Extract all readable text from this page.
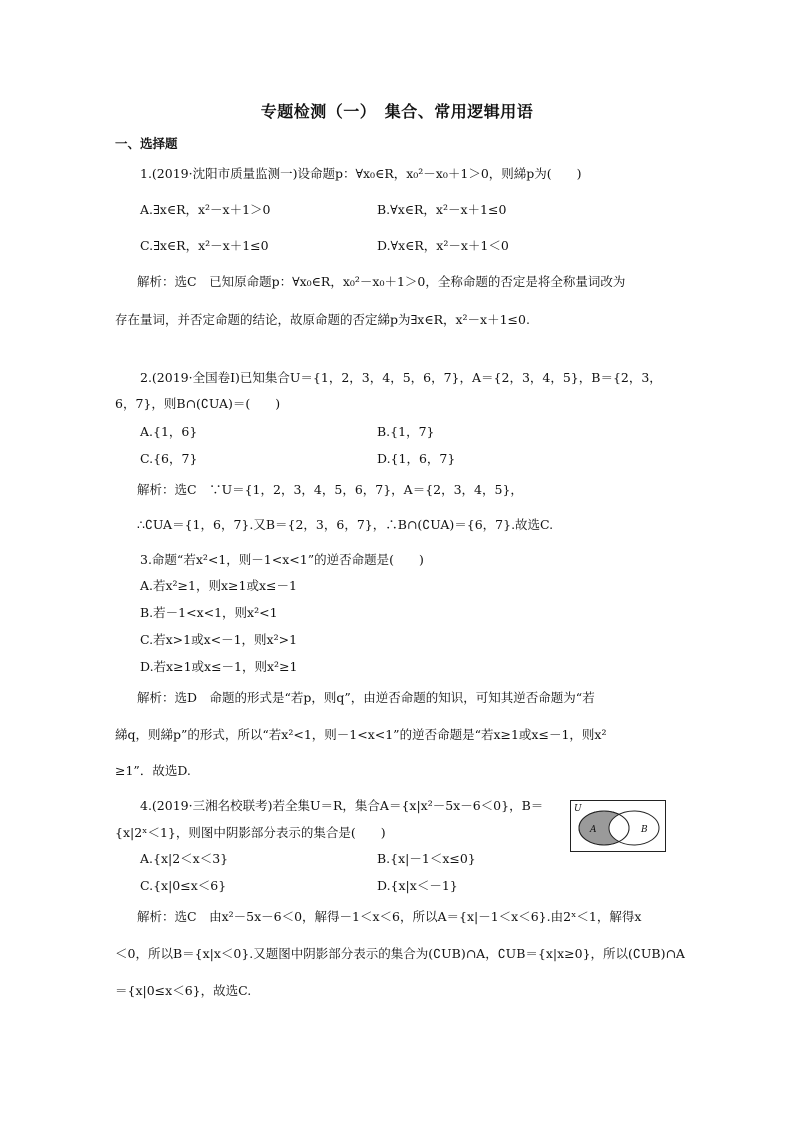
专题检测（一）　集合、常用逻辑用语
一、选择题
1.(2019·沈阳市质量监测一)设命题p：∀x₀∈R，x₀²－x₀＋1＞0，则綈p为(　　)
A.∃x∈R，x²－x＋1＞0	B.∀x∈R，x²－x＋1≤0
C.∃x∈R，x²－x＋1≤0	D.∀x∈R，x²－x＋1＜0
解析：选C　已知原命题p：∀x₀∈R，x₀²－x₀＋1＞0，全称命题的否定是将全称量词改为
存在量词，并否定命题的结论，故原命题的否定綈p为∃x∈R，x²－x＋1≤0.
2.(2019·全国卷Ⅰ)已知集合U＝{1，2，3，4，5，6，7}，A＝{2，3，4，5}，B＝{2，3，
6，7}，则B∩(∁UA)＝(　　)
A.{1，6}	B.{1，7}
C.{6，7}	D.{1，6，7}
解析：选C　∵U＝{1，2，3，4，5，6，7}，A＝{2，3，4，5}，
∴∁UA＝{1，6，7}.又B＝{2，3，6，7}，∴B∩(∁UA)＝{6，7}.故选C.
3.命题“若x²<1，则－1<x<1”的逆否命题是(　　)
A.若x²≥1，则x≥1或x≤－1
B.若－1<x<1，则x²<1
C.若x>1或x<－1，则x²>1
D.若x≥1或x≤－1，则x²≥1
解析：选D　命题的形式是“若p，则q”，由逆否命题的知识，可知其逆否命题为“若
綈q，则綈p”的形式，所以“若x²<1，则－1<x<1”的逆否命题是“若x≥1或x≤－1，则x²
≥1”．故选D.
4.(2019·三湘名校联考)若全集U＝R，集合A＝{x|x²－5x－6＜0}，B＝
{x|2ˣ＜1}，则图中阴影部分表示的集合是(　　)
A.{x|2＜x＜3}	B.{x|－1＜x≤0}
C.{x|0≤x＜6}	D.{x|x＜－1}
解析：选C　由x²－5x－6＜0，解得－1＜x＜6，所以A＝{x|－1＜x＜6}.由2ˣ＜1，解得x
＜0，所以B＝{x|x＜0}.又题图中阴影部分表示的集合为(∁UB)∩A，∁UB＝{x|x≥0}，所以(∁UB)∩A
＝{x|0≤x＜6}，故选C.
U
A	B
